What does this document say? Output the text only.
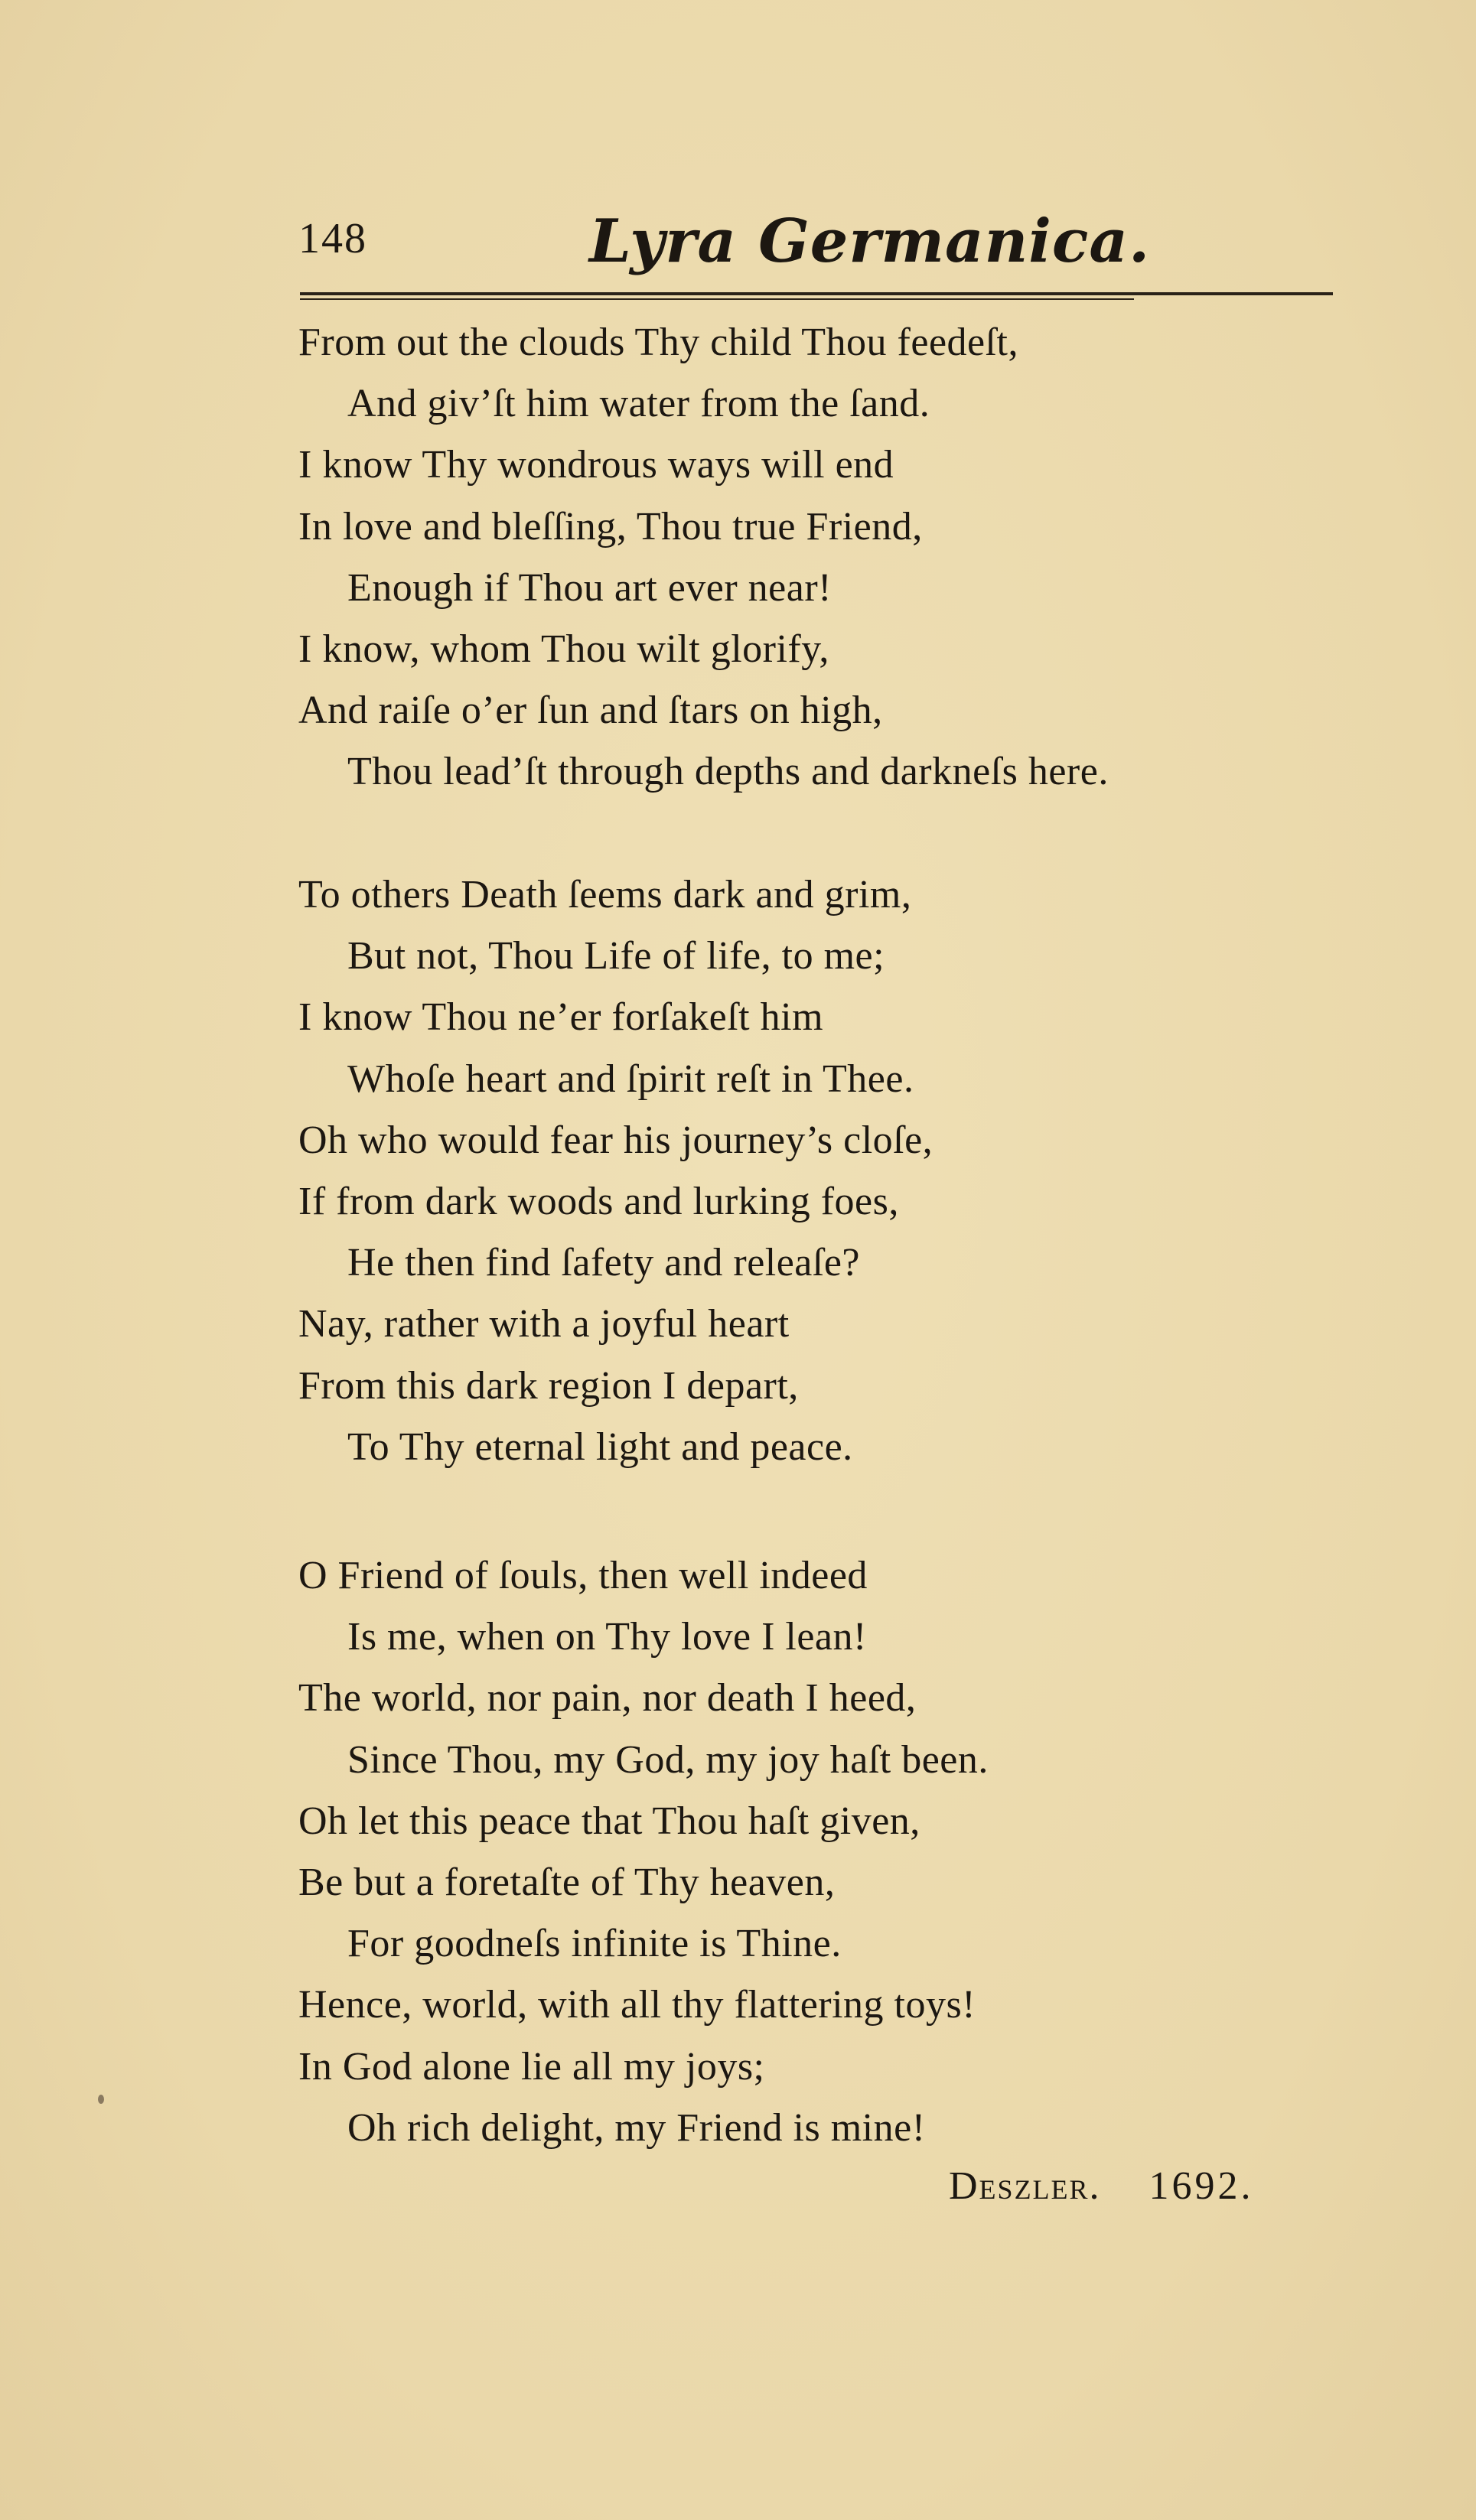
148	Lyra Germanica.
From out the clouds Thy child Thou feedeſt,
And giv’ſt him water from the ſand.
I know Thy wondrous ways will end
In love and bleſſing, Thou true Friend,
Enough if Thou art ever near!
I know, whom Thou wilt glorify,
And raiſe o’er ſun and ſtars on high,
Thou lead’ſt through depths and darkneſs here.
To others Death ſeems dark and grim,
But not, Thou Life of life, to me;
I know Thou ne’er forſakeſt him
Whoſe heart and ſpirit reſt in Thee.
Oh who would fear his journey’s cloſe,
If from dark woods and lurking foes,
He then find ſafety and releaſe?
Nay, rather with a joyful heart
From this dark region I depart,
To Thy eternal light and peace.
O Friend of ſouls, then well indeed
Is me, when on Thy love I lean!
The world, nor pain, nor death I heed,
Since Thou, my God, my joy haſt been.
Oh let this peace that Thou haſt given,
Be but a foretaſte of Thy heaven,
For goodneſs infinite is Thine.
Hence, world, with all thy flattering toys!
In God alone lie all my joys;
Oh rich delight, my Friend is mine!
Deszler. 1692.
